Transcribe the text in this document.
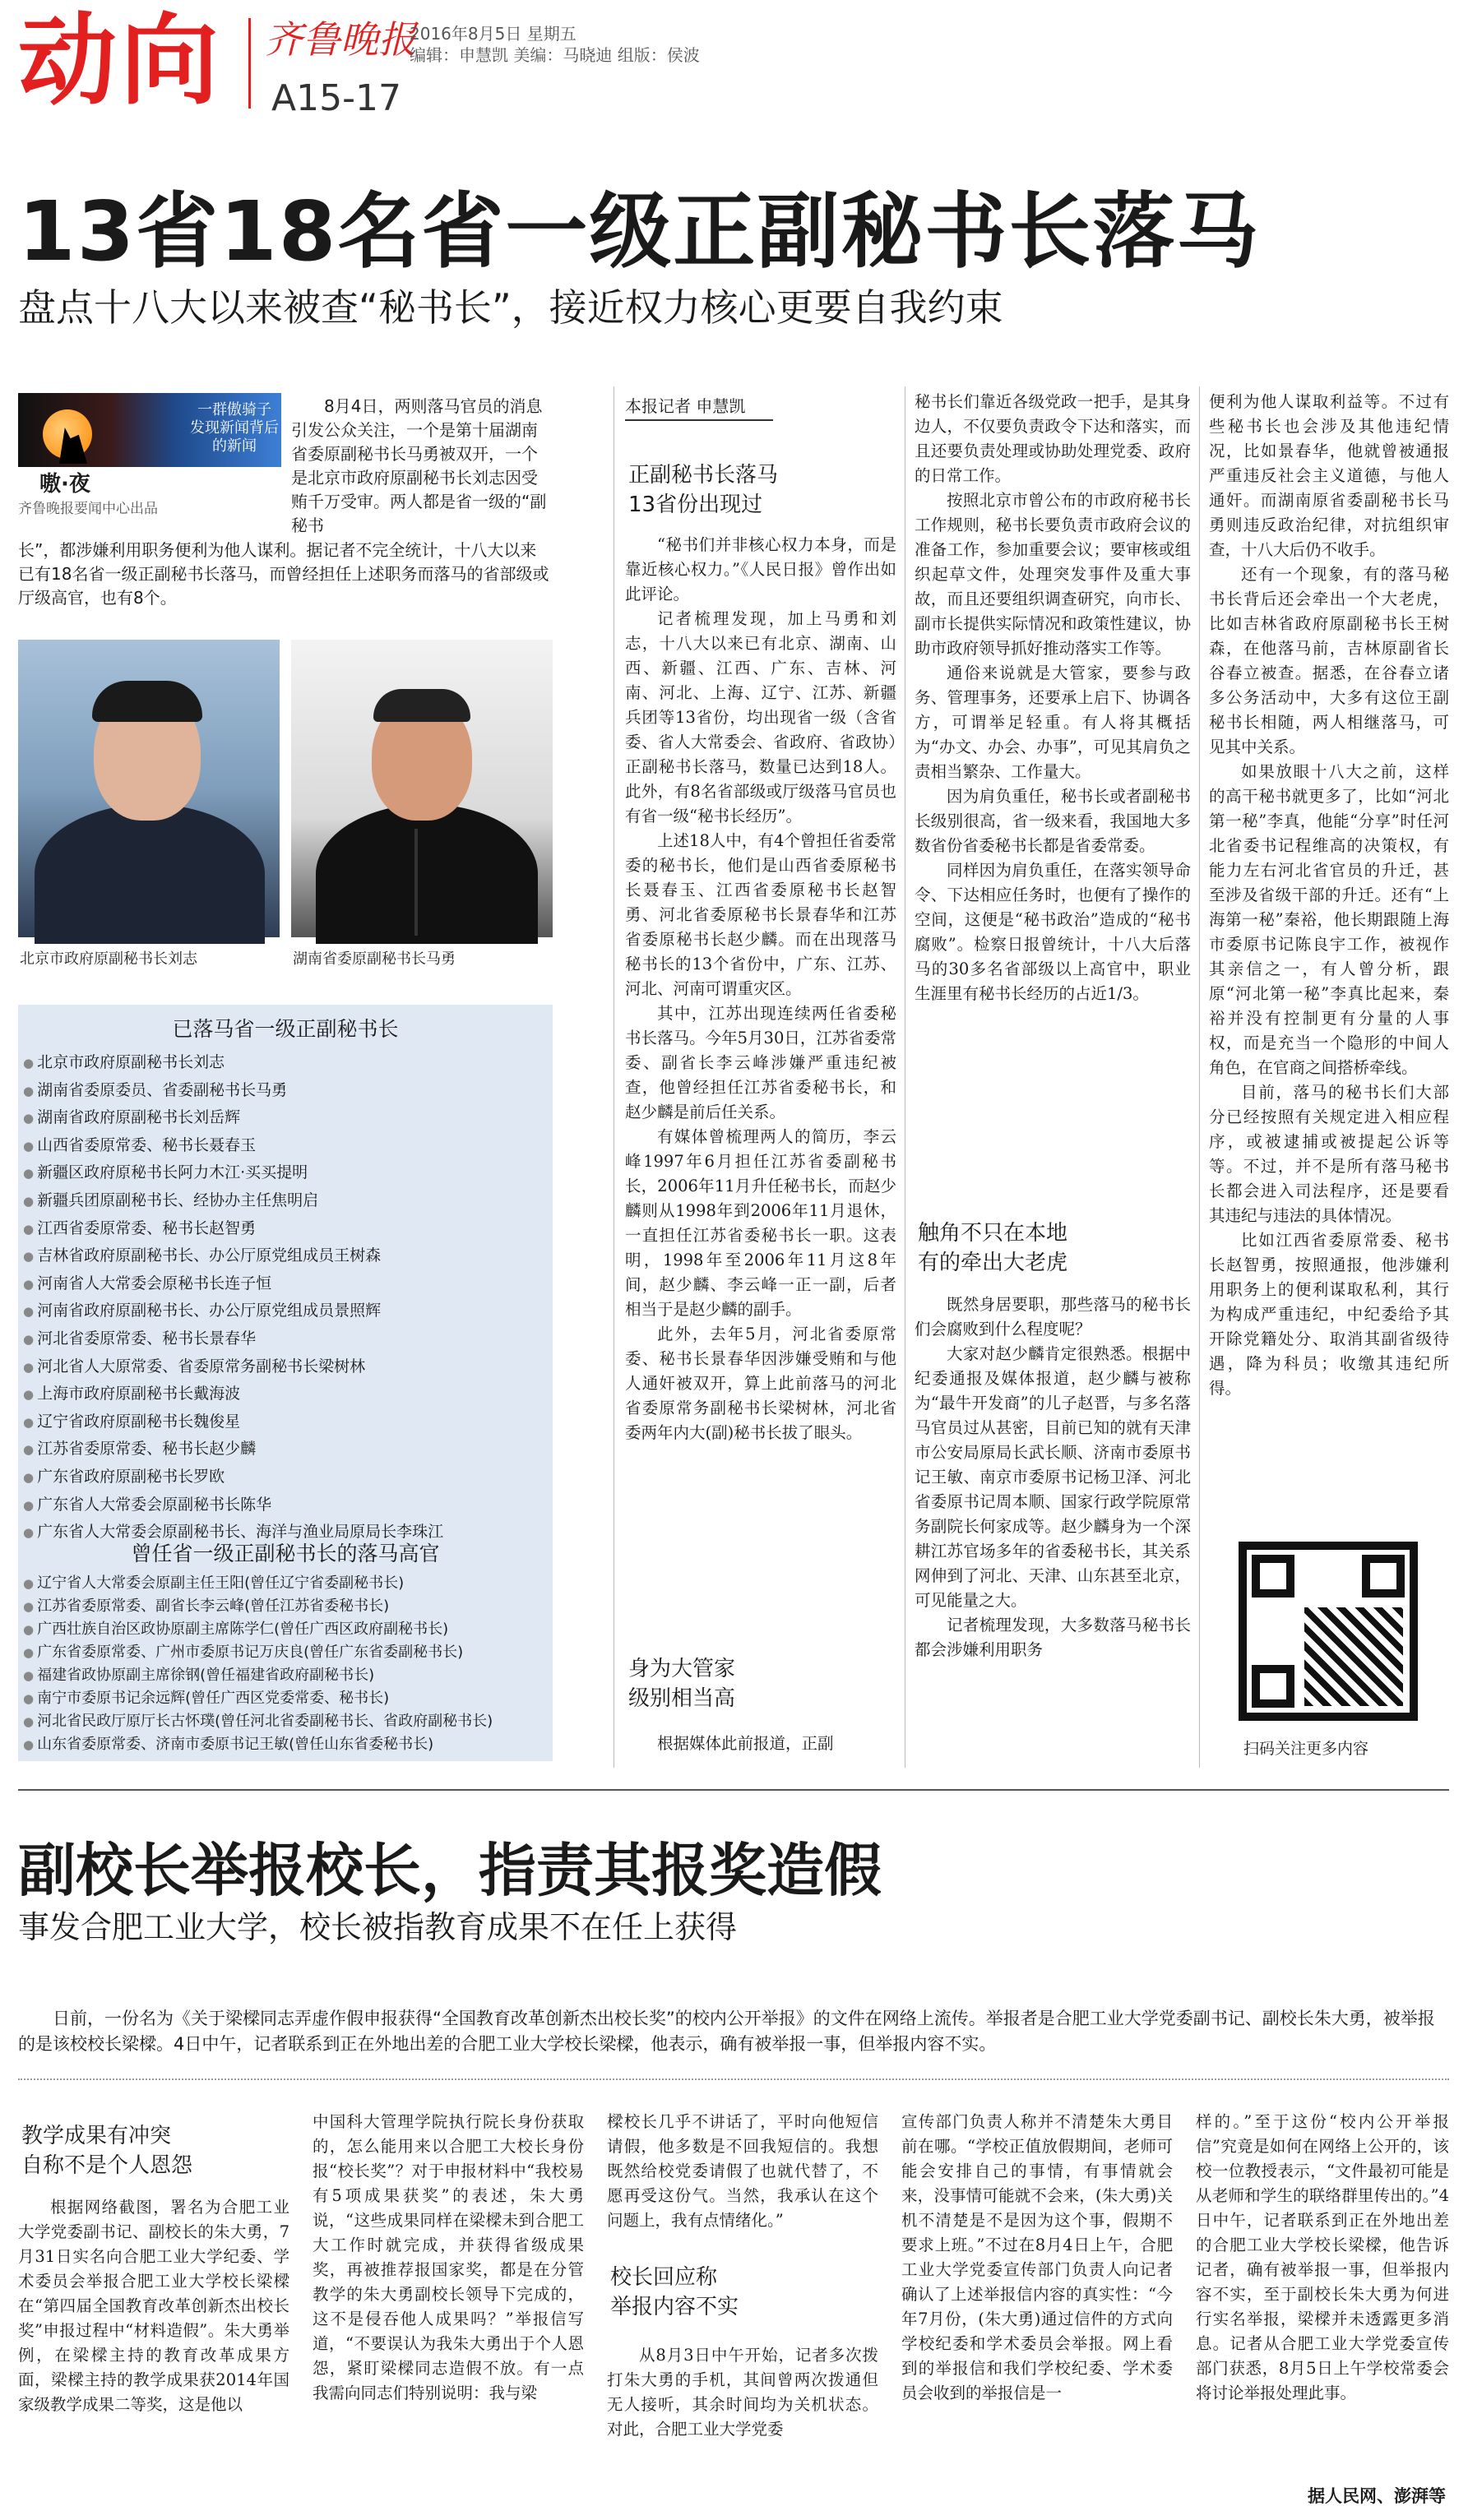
动向 齐鲁晚报
2016年8月5日 星期五
编辑：申慧凯 美编：马晓迪 组版：侯波
A15-17
13省18名省一级正副秘书长落马
盘点十八大以来被查“秘书长”，接近权力核心更要自我约束
一群傲骑子 发现新闻背后的新闻
嗷·夜
齐鲁晚报要闻中心出品
8月4日，两则落马官员的消息引发公众关注，一个是第十届湖南省委原副秘书长马勇被双开，一个是北京市政府原副秘书长刘志因受贿千万受审。两人都是省一级的“副秘书
长”，都涉嫌利用职务便利为他人谋利。据记者不完全统计，十八大以来已有18名省一级正副秘书长落马，而曾经担任上述职务而落马的省部级或厅级高官，也有8个。
北京市政府原副秘书长刘志	湖南省委原副秘书长马勇
已落马省一级正副秘书长
● 北京市政府原副秘书长刘志
● 湖南省委原委员、省委副秘书长马勇
● 湖南省政府原副秘书长刘岳辉
● 山西省委原常委、秘书长聂春玉
● 新疆区政府原秘书长阿力木江·买买提明
● 新疆兵团原副秘书长、经协办主任焦明启
● 江西省委原常委、秘书长赵智勇
● 吉林省政府原副秘书长、办公厅原党组成员王树森
● 河南省人大常委会原秘书长连子恒
● 河南省政府原副秘书长、办公厅原党组成员景照辉
● 河北省委原常委、秘书长景春华
● 河北省人大原常委、省委原常务副秘书长梁树林
● 上海市政府原副秘书长戴海波
● 辽宁省政府原副秘书长魏俊星
● 江苏省委原常委、秘书长赵少麟
● 广东省政府原副秘书长罗欧
● 广东省人大常委会原副秘书长陈华
● 广东省人大常委会原副秘书长、海洋与渔业局原局长李珠江
曾任省一级正副秘书长的落马高官
● 辽宁省人大常委会原副主任王阳(曾任辽宁省委副秘书长)
● 江苏省委原常委、副省长李云峰(曾任江苏省委秘书长)
● 广西壮族自治区政协原副主席陈学仁(曾任广西区政府副秘书长)
● 广东省委原常委、广州市委原书记万庆良(曾任广东省委副秘书长)
● 福建省政协原副主席徐钢(曾任福建省政府副秘书长)
● 南宁市委原书记余远辉(曾任广西区党委常委、秘书长)
● 河北省民政厅原厅长古怀璞(曾任河北省委副秘书长、省政府副秘书长)
● 山东省委原常委、济南市委原书记王敏(曾任山东省委秘书长)
本报记者 申慧凯
正副秘书长落马
13省份出现过

“秘书们并非核心权力本身，而是靠近核心权力。”《人民日报》曾作出如此评论。

记者梳理发现，加上马勇和刘志，十八大以来已有北京、湖南、山西、新疆、江西、广东、吉林、河南、河北、上海、辽宁、江苏、新疆兵团等13省份，均出现省一级（含省委、省人大常委会、省政府、省政协）正副秘书长落马，数量已达到18人。此外，有8名省部级或厅级落马官员也有省一级“秘书长经历”。

上述18人中，有4个曾担任省委常委的秘书长，他们是山西省委原秘书长聂春玉、江西省委原秘书长赵智勇、河北省委原秘书长景春华和江苏省委原秘书长赵少麟。而在出现落马秘书长的13个省份中，广东、江苏、河北、河南可谓重灾区。

其中，江苏出现连续两任省委秘书长落马。今年5月30日，江苏省委常委、副省长李云峰涉嫌严重违纪被查，他曾经担任江苏省委秘书长，和赵少麟是前后任关系。

有媒体曾梳理两人的简历，李云峰1997年6月担任江苏省委副秘书长，2006年11月升任秘书长，而赵少麟则从1998年到2006年11月退休，一直担任江苏省委秘书长一职。这表明，1998年至2006年11月这8年间，赵少麟、李云峰一正一副，后者相当于是赵少麟的副手。

此外，去年5月，河北省委原常委、秘书长景春华因涉嫌受贿和与他人通奸被双开，算上此前落马的河北省委原常务副秘书长梁树林，河北省委两年内大(副)秘书长拔了眼头。

身为大管家
级别相当高

根据媒体此前报道，正副

秘书长们靠近各级党政一把手，是其身边人，不仅要负责政令下达和落实，而且还要负责处理或协助处理党委、政府的日常工作。

按照北京市曾公布的市政府秘书长工作规则，秘书长要负责市政府会议的准备工作，参加重要会议；要审核或组织起草文件，处理突发事件及重大事故，而且还要组织调查研究，向市长、副市长提供实际情况和政策性建议，协助市政府领导抓好推动落实工作等。

通俗来说就是大管家，要参与政务、管理事务，还要承上启下、协调各方，可谓举足轻重。有人将其概括为“办文、办会、办事”，可见其肩负之责相当繁杂、工作量大。

因为肩负重任，秘书长或者副秘书长级别很高，省一级来看，我国地大多数省份省委秘书长都是省委常委。

同样因为肩负重任，在落实领导命令、下达相应任务时，也便有了操作的空间，这便是“秘书政治”造成的“秘书腐败”。检察日报曾统计，十八大后落马的30多名省部级以上高官中，职业生涯里有秘书长经历的占近1/3。

触角不只在本地
有的牵出大老虎

既然身居要职，那些落马的秘书长们会腐败到什么程度呢？

大家对赵少麟肯定很熟悉。根据中纪委通报及媒体报道，赵少麟与被称为“最牛开发商”的儿子赵晋，与多名落马官员过从甚密，目前已知的就有天津市公安局原局长武长顺、济南市委原书记王敏、南京市委原书记杨卫泽、河北省委原书记周本顺、国家行政学院原常务副院长何家成等。赵少麟身为一个深耕江苏官场多年的省委秘书长，其关系网伸到了河北、天津、山东甚至北京，可见能量之大。

记者梳理发现，大多数落马秘书长都会涉嫌利用职务

便利为他人谋取利益等。不过有些秘书长也会涉及其他违纪情况，比如景春华，他就曾被通报严重违反社会主义道德，与他人通奸。而湖南原省委副秘书长马勇则违反政治纪律，对抗组织审查，十八大后仍不收手。

还有一个现象，有的落马秘书长背后还会牵出一个大老虎，比如吉林省政府原副秘书长王树森，在他落马前，吉林原副省长谷春立被查。据悉，在谷春立诸多公务活动中，大多有这位王副秘书长相随，两人相继落马，可见其中关系。

如果放眼十八大之前，这样的高干秘书就更多了，比如“河北第一秘”李真，他能“分享”时任河北省委书记程维高的决策权，有能力左右河北省官员的升迁，甚至涉及省级干部的升迁。还有“上海第一秘”秦裕，他长期跟随上海市委原书记陈良宇工作，被视作其亲信之一，有人曾分析，跟原“河北第一秘”李真比起来，秦裕并没有控制更有分量的人事权，而是充当一个隐形的中间人角色，在官商之间搭桥牵线。

目前，落马的秘书长们大部分已经按照有关规定进入相应程序，或被逮捕或被提起公诉等等。不过，并不是所有落马秘书长都会进入司法程序，还是要看其违纪与违法的具体情况。

比如江西省委原常委、秘书长赵智勇，按照通报，他涉嫌利用职务上的便利谋取私利，其行为构成严重违纪，中纪委给予其开除党籍处分、取消其副省级待遇，降为科员；收缴其违纪所得。

扫码关注更多内容
副校长举报校长，指责其报奖造假
事发合肥工业大学，校长被指教育成果不在任上获得
日前，一份名为《关于梁樑同志弄虚作假申报获得“全国教育改革创新杰出校长奖”的校内公开举报》的文件在网络上流传。举报者是合肥工业大学党委副书记、副校长朱大勇，被举报的是该校校长梁樑。4日中午，记者联系到正在外地出差的合肥工业大学校长梁樑，他表示，确有被举报一事，但举报内容不实。
教学成果有冲突
自称不是个人恩怨

根据网络截图，署名为合肥工业大学党委副书记、副校长的朱大勇，7月31日实名向合肥工业大学纪委、学术委员会举报合肥工业大学校长梁樑在“第四届全国教育改革创新杰出校长奖”申报过程中“材料造假”。朱大勇举例，在梁樑主持的教育改革成果方面，梁樑主持的教学成果获2014年国家级教学成果二等奖，这是他以

中国科大管理学院执行院长身份获取的，怎么能用来以合肥工大校长身份报“校长奖”？对于申报材料中“我校易有5项成果获奖”的表述，朱大勇说，“这些成果同样在梁樑未到合肥工大工作时就完成，并获得省级成果奖，再被推荐报国家奖，都是在分管教学的朱大勇副校长领导下完成的，这不是侵吞他人成果吗？”举报信写道，“不要误认为我朱大勇出于个人恩怨，紧盯梁樑同志造假不放。有一点我需向同志们特别说明：我与梁

樑校长几乎不讲话了，平时向他短信请假，他多数是不回我短信的。我想既然给校党委请假了也就代替了，不愿再受这份气。当然，我承认在这个问题上，我有点情绪化。”

校长回应称
举报内容不实

从8月3日中午开始，记者多次拨打朱大勇的手机，其间曾两次拨通但无人接听，其余时间均为关机状态。对此，合肥工业大学党委

宣传部门负责人称并不清楚朱大勇目前在哪。“学校正值放假期间，老师可能会安排自己的事情，有事情就会来，没事情可能就不会来，(朱大勇)关机不清楚是不是因为这个事，假期不要求上班。”不过在8月4日上午，合肥工业大学党委宣传部门负责人向记者确认了上述举报信内容的真实性：“今年7月份，(朱大勇)通过信件的方式向学校纪委和学术委员会举报。网上看到的举报信和我们学校纪委、学术委员会收到的举报信是一

样的。”至于这份“校内公开举报信”究竟是如何在网络上公开的，该校一位教授表示，“文件最初可能是从老师和学生的联络群里传出的。”4日中午，记者联系到正在外地出差的合肥工业大学校长梁樑，他告诉记者，确有被举报一事，但举报内容不实，至于副校长朱大勇为何进行实名举报，梁樑并未透露更多消息。记者从合肥工业大学党委宣传部门获悉，8月5日上午学校常委会将讨论举报处理此事。

据人民网、澎湃等
